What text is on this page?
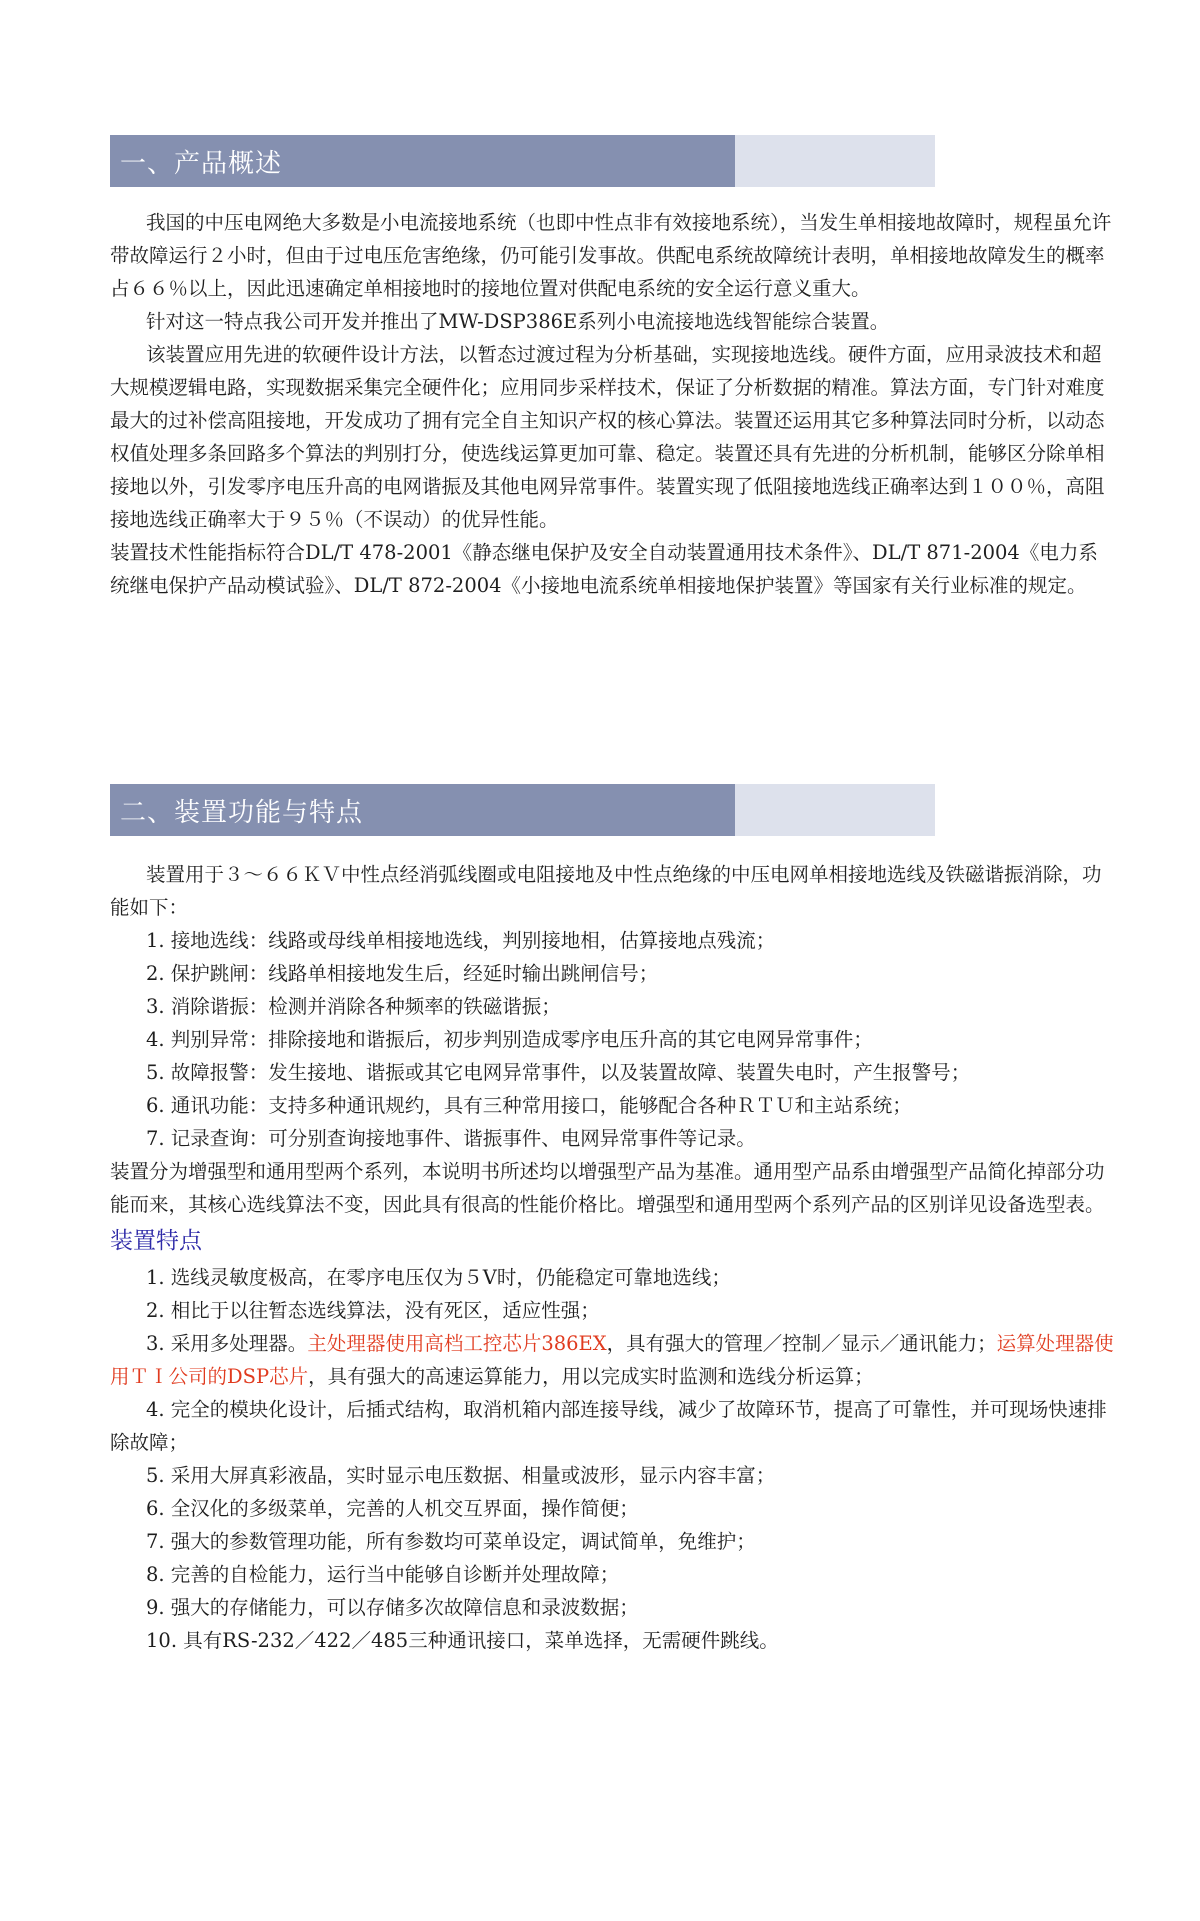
一、产品概述

我国的中压电网绝大多数是小电流接地系统（也即中性点非有效接地系统），当发生单相接地故障时，规程虽允许带故障运行２小时，但由于过电压危害绝缘，仍可能引发事故。供配电系统故障统计表明，单相接地故障发生的概率占６６％以上，因此迅速确定单相接地时的接地位置对供配电系统的安全运行意义重大。

针对这一特点我公司开发并推出了MW-DSP386E系列小电流接地选线智能综合装置。

该装置应用先进的软硬件设计方法，以暂态过渡过程为分析基础，实现接地选线。硬件方面，应用录波技术和超大规模逻辑电路，实现数据采集完全硬件化；应用同步采样技术，保证了分析数据的精准。算法方面，专门针对难度最大的过补偿高阻接地，开发成功了拥有完全自主知识产权的核心算法。装置还运用其它多种算法同时分析，以动态权值处理多条回路多个算法的判别打分，使选线运算更加可靠、稳定。装置还具有先进的分析机制，能够区分除单相接地以外，引发零序电压升高的电网谐振及其他电网异常事件。装置实现了低阻接地选线正确率达到１００％，高阻接地选线正确率大于９５％（不误动）的优异性能。

装置技术性能指标符合DL/T 478-2001《静态继电保护及安全自动装置通用技术条件》、DL/T 871-2004《电力系统继电保护产品动模试验》、DL/T 872-2004《小接地电流系统单相接地保护装置》等国家有关行业标准的规定。

二、装置功能与特点

装置用于３～６６ＫＶ中性点经消弧线圈或电阻接地及中性点绝缘的中压电网单相接地选线及铁磁谐振消除，功能如下：

1. 接地选线：线路或母线单相接地选线，判别接地相，估算接地点残流；

2. 保护跳闸：线路单相接地发生后，经延时输出跳闸信号；

3. 消除谐振：检测并消除各种频率的铁磁谐振；

4. 判别异常：排除接地和谐振后，初步判别造成零序电压升高的其它电网异常事件；

5. 故障报警：发生接地、谐振或其它电网异常事件，以及装置故障、装置失电时，产生报警号；

6. 通讯功能：支持多种通讯规约，具有三种常用接口，能够配合各种ＲＴＵ和主站系统；

7. 记录查询：可分别查询接地事件、谐振事件、电网异常事件等记录。

装置分为增强型和通用型两个系列，本说明书所述均以增强型产品为基准。通用型产品系由增强型产品简化掉部分功能而来，其核心选线算法不变，因此具有很高的性能价格比。增强型和通用型两个系列产品的区别详见设备选型表。

装置特点

1. 选线灵敏度极高，在零序电压仅为５V时，仍能稳定可靠地选线；

2. 相比于以往暂态选线算法，没有死区，适应性强；

3. 采用多处理器。主处理器使用高档工控芯片386EX，具有强大的管理／控制／显示／通讯能力；运算处理器使用ＴＩ公司的DSP芯片，具有强大的高速运算能力，用以完成实时监测和选线分析运算；

4. 完全的模块化设计，后插式结构，取消机箱内部连接导线，减少了故障环节，提高了可靠性，并可现场快速排除故障；

5. 采用大屏真彩液晶，实时显示电压数据、相量或波形，显示内容丰富；

6. 全汉化的多级菜单，完善的人机交互界面，操作简便；

7. 强大的参数管理功能，所有参数均可菜单设定，调试简单，免维护；

8. 完善的自检能力，运行当中能够自诊断并处理故障；

9. 强大的存储能力，可以存储多次故障信息和录波数据；

10. 具有RS-232／422／485三种通讯接口，菜单选择，无需硬件跳线。
